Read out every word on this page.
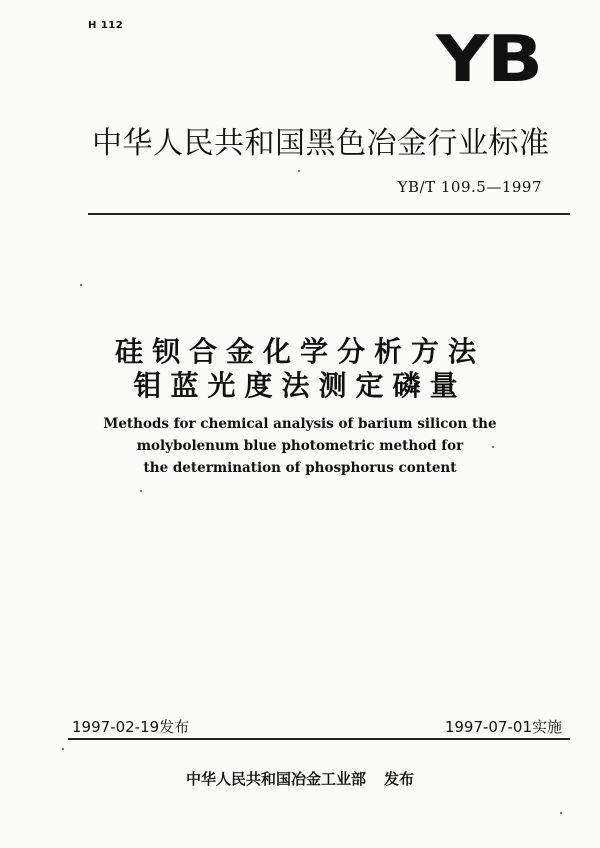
H 112	YB
中华人民共和国黑色冶金行业标准
YB/T 109.5—1997
硅钡合金化学分析方法
钼蓝光度法测定磷量
Methods for chemical analysis of barium silicon the
molybolenum blue photometric method for
the determination of phosphorus content
1997-02-19发布	1997-07-01实施
中华人民共和国冶金工业部 发布
